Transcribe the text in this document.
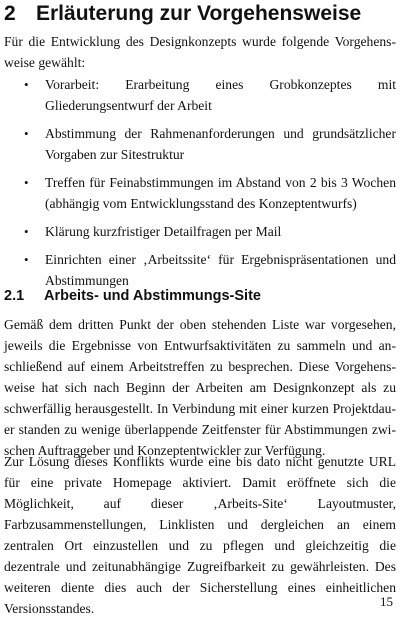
2 Erläuterung zur Vorgehensweise

Für die Entwicklung des Designkonzepts wurde folgende Vorgehensweise gewählt:

• Vorarbeit: Erarbeitung eines Grobkonzeptes mit Gliederungsentwurf der Arbeit
• Abstimmung der Rahmenanforderungen und grundsätzlicher Vorgaben zur Sitestruktur
• Treffen für Feinabstimmungen im Abstand von 2 bis 3 Wochen (abhängig vom Entwicklungsstand des Konzeptentwurfs)
• Klärung kurzfristiger Detailfragen per Mail
• Einrichten einer ‚Arbeitssite‘ für Ergebnispräsentationen und Abstimmungen
2.1 Arbeits- und Abstimmungs-Site

Gemäß dem dritten Punkt der oben stehenden Liste war vorgesehen, jeweils die Ergebnisse von Entwurfsaktivitäten zu sammeln und anschließend auf einem Arbeitstreffen zu besprechen. Diese Vorgehensweise hat sich nach Beginn der Arbeiten am Designkonzept als zu schwerfällig herausgestellt. In Verbindung mit einer kurzen Projektdauer standen zu wenige überlappende Zeitfenster für Abstimmungen zwischen Auftraggeber und Konzeptentwickler zur Verfügung.

Zur Lösung dieses Konflikts wurde eine bis dato nicht genutzte URL für eine private Homepage aktiviert. Damit eröffnete sich die Möglichkeit, auf dieser ‚Arbeits-Site‘ Layoutmuster, Farbzusammenstellungen, Linklisten und dergleichen an einem zentralen Ort einzustellen und zu pflegen und gleichzeitig die dezentrale und zeitunabhängige Zugreifbarkeit zu gewährleisten. Des weiteren diente dies auch der Sicherstellung eines einheitlichen Versionsstandes.	15
